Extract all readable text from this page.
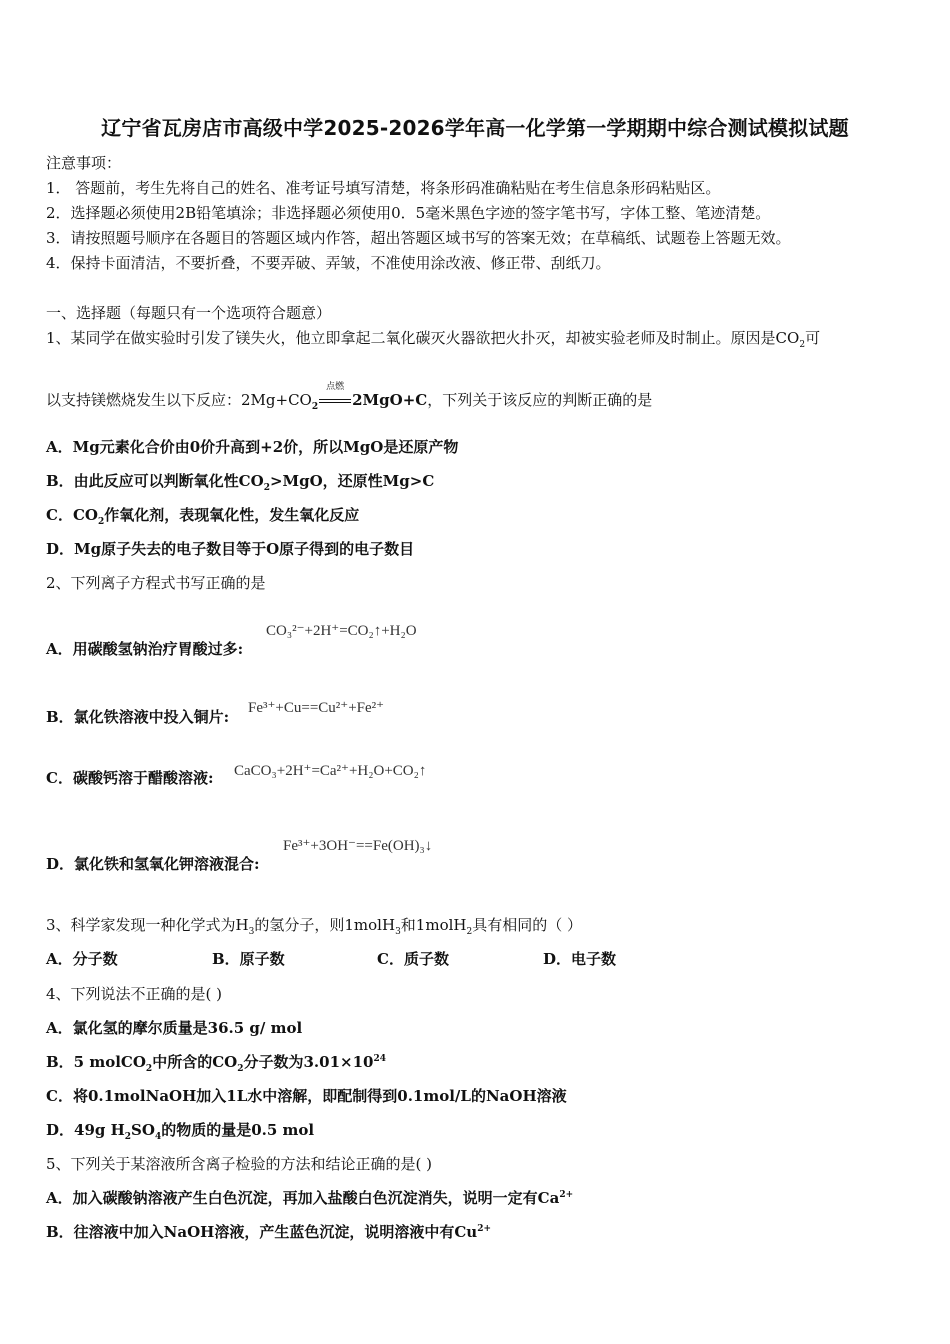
辽宁省瓦房店市高级中学2025-2026学年高一化学第一学期期中综合测试模拟试题
注意事项：
1． 答题前，考生先将自己的姓名、准考证号填写清楚，将条形码准确粘贴在考生信息条形码粘贴区。
2．选择题必须使用2B铅笔填涂；非选择题必须使用0．5毫米黑色字迹的签字笔书写，字体工整、笔迹清楚。
3．请按照题号顺序在各题目的答题区域内作答，超出答题区域书写的答案无效；在草稿纸、试题卷上答题无效。
4．保持卡面清洁，不要折叠，不要弄破、弄皱，不准使用涂改液、修正带、刮纸刀。
一、选择题（每题只有一个选项符合题意）
1、某同学在做实验时引发了镁失火，他立即拿起二氧化碳灭火器欲把火扑灭，却被实验老师及时制止。原因是$CO_2$可
以支持镁燃烧发生以下反应：$2Mg+CO_2$
点燃
2MgO+C，下列关于该反应的判断正确的是
A．Mg元素化合价由0价升高到+2价，所以MgO是还原产物
B．由此反应可以判断氧化性$CO_2>MgO$，还原性Mg>C
C．$CO_2$作氧化剂，表现氧化性，发生氧化反应
D．Mg原子失去的电子数目等于O原子得到的电子数目
2、下列离子方程式书写正确的是
CO₃²⁻+2H⁺=CO₂↑+H₂O
A．用碳酸氢钠治疗胃酸过多:
Fe³⁺+Cu==Cu²⁺+Fe²⁺
B．氯化铁溶液中投入铜片:
CaCO₃+2H⁺=Ca²⁺+H₂O+CO₂↑
C．碳酸钙溶于醋酸溶液:
Fe³⁺+3OH⁻==Fe(OH)₃↓
D．氯化铁和氢氧化钾溶液混合:
3、科学家发现一种化学式为$H_3$的氢分子，则1molH$_3$和1molH$_2$具有相同的（ ）
A．分子数	B．原子数	C．质子数	D．电子数
4、下列说法不正确的是( )
A．氯化氢的摩尔质量是36.5 g/ mol
B．5 molCO$_2$中所含的$CO_2$分子数为$3.01\times 10^{24}$
C．将0.1molNaOH加入1L水中溶解，即配制得到0.1mol/L的NaOH溶液
D．49g $H_2SO_4$的物质的量是0.5 mol
5、下列关于某溶液所含离子检验的方法和结论正确的是( )
A．加入碳酸钠溶液产生白色沉淀，再加入盐酸白色沉淀消失，说明一定有$Ca^{2+}$
B．往溶液中加入NaOH溶液，产生蓝色沉淀，说明溶液中有$Cu^{2+}$
